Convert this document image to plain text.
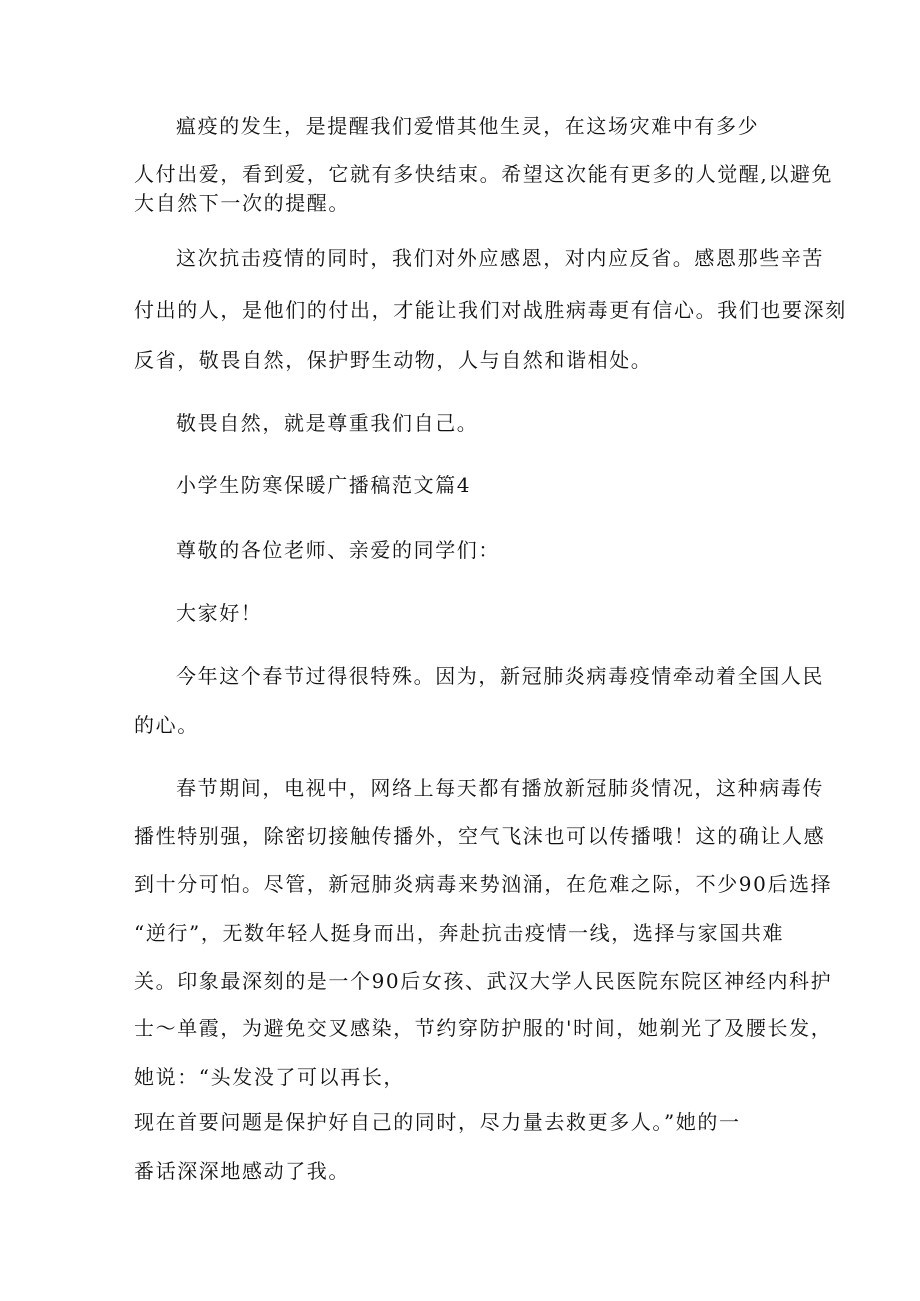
瘟疫的发生，是提醒我们爱惜其他生灵，在这场灾难中有多少
人付出爱，看到爱，它就有多快结束。希望这次能有更多的人觉醒,以避免
大自然下一次的提醒。
这次抗击疫情的同时，我们对外应感恩，对内应反省。感恩那些辛苦
付出的人，是他们的付出，才能让我们对战胜病毒更有信心。我们也要深刻
反省，敬畏自然，保护野生动物，人与自然和谐相处。
敬畏自然，就是尊重我们自己。
小学生防寒保暖广播稿范文篇4
尊敬的各位老师、亲爱的同学们：
大家好！
今年这个春节过得很特殊。因为，新冠肺炎病毒疫情牵动着全国人民
的心。
春节期间，电视中，网络上每天都有播放新冠肺炎情况，这种病毒传
播性特别强，除密切接触传播外，空气飞沫也可以传播哦！这的确让人感
到十分可怕。尽管，新冠肺炎病毒来势汹涌，在危难之际，不少90后选择
“逆行”，无数年轻人挺身而出，奔赴抗击疫情一线，选择与家国共难
关。印象最深刻的是一个90后女孩、武汉大学人民医院东院区神经内科护
士～单霞，为避免交叉感染，节约穿防护服的'时间，她剃光了及腰长发，
她说：“头发没了可以再长，
现在首要问题是保护好自己的同时，尽力量去救更多人。”她的一
番话深深地感动了我。
